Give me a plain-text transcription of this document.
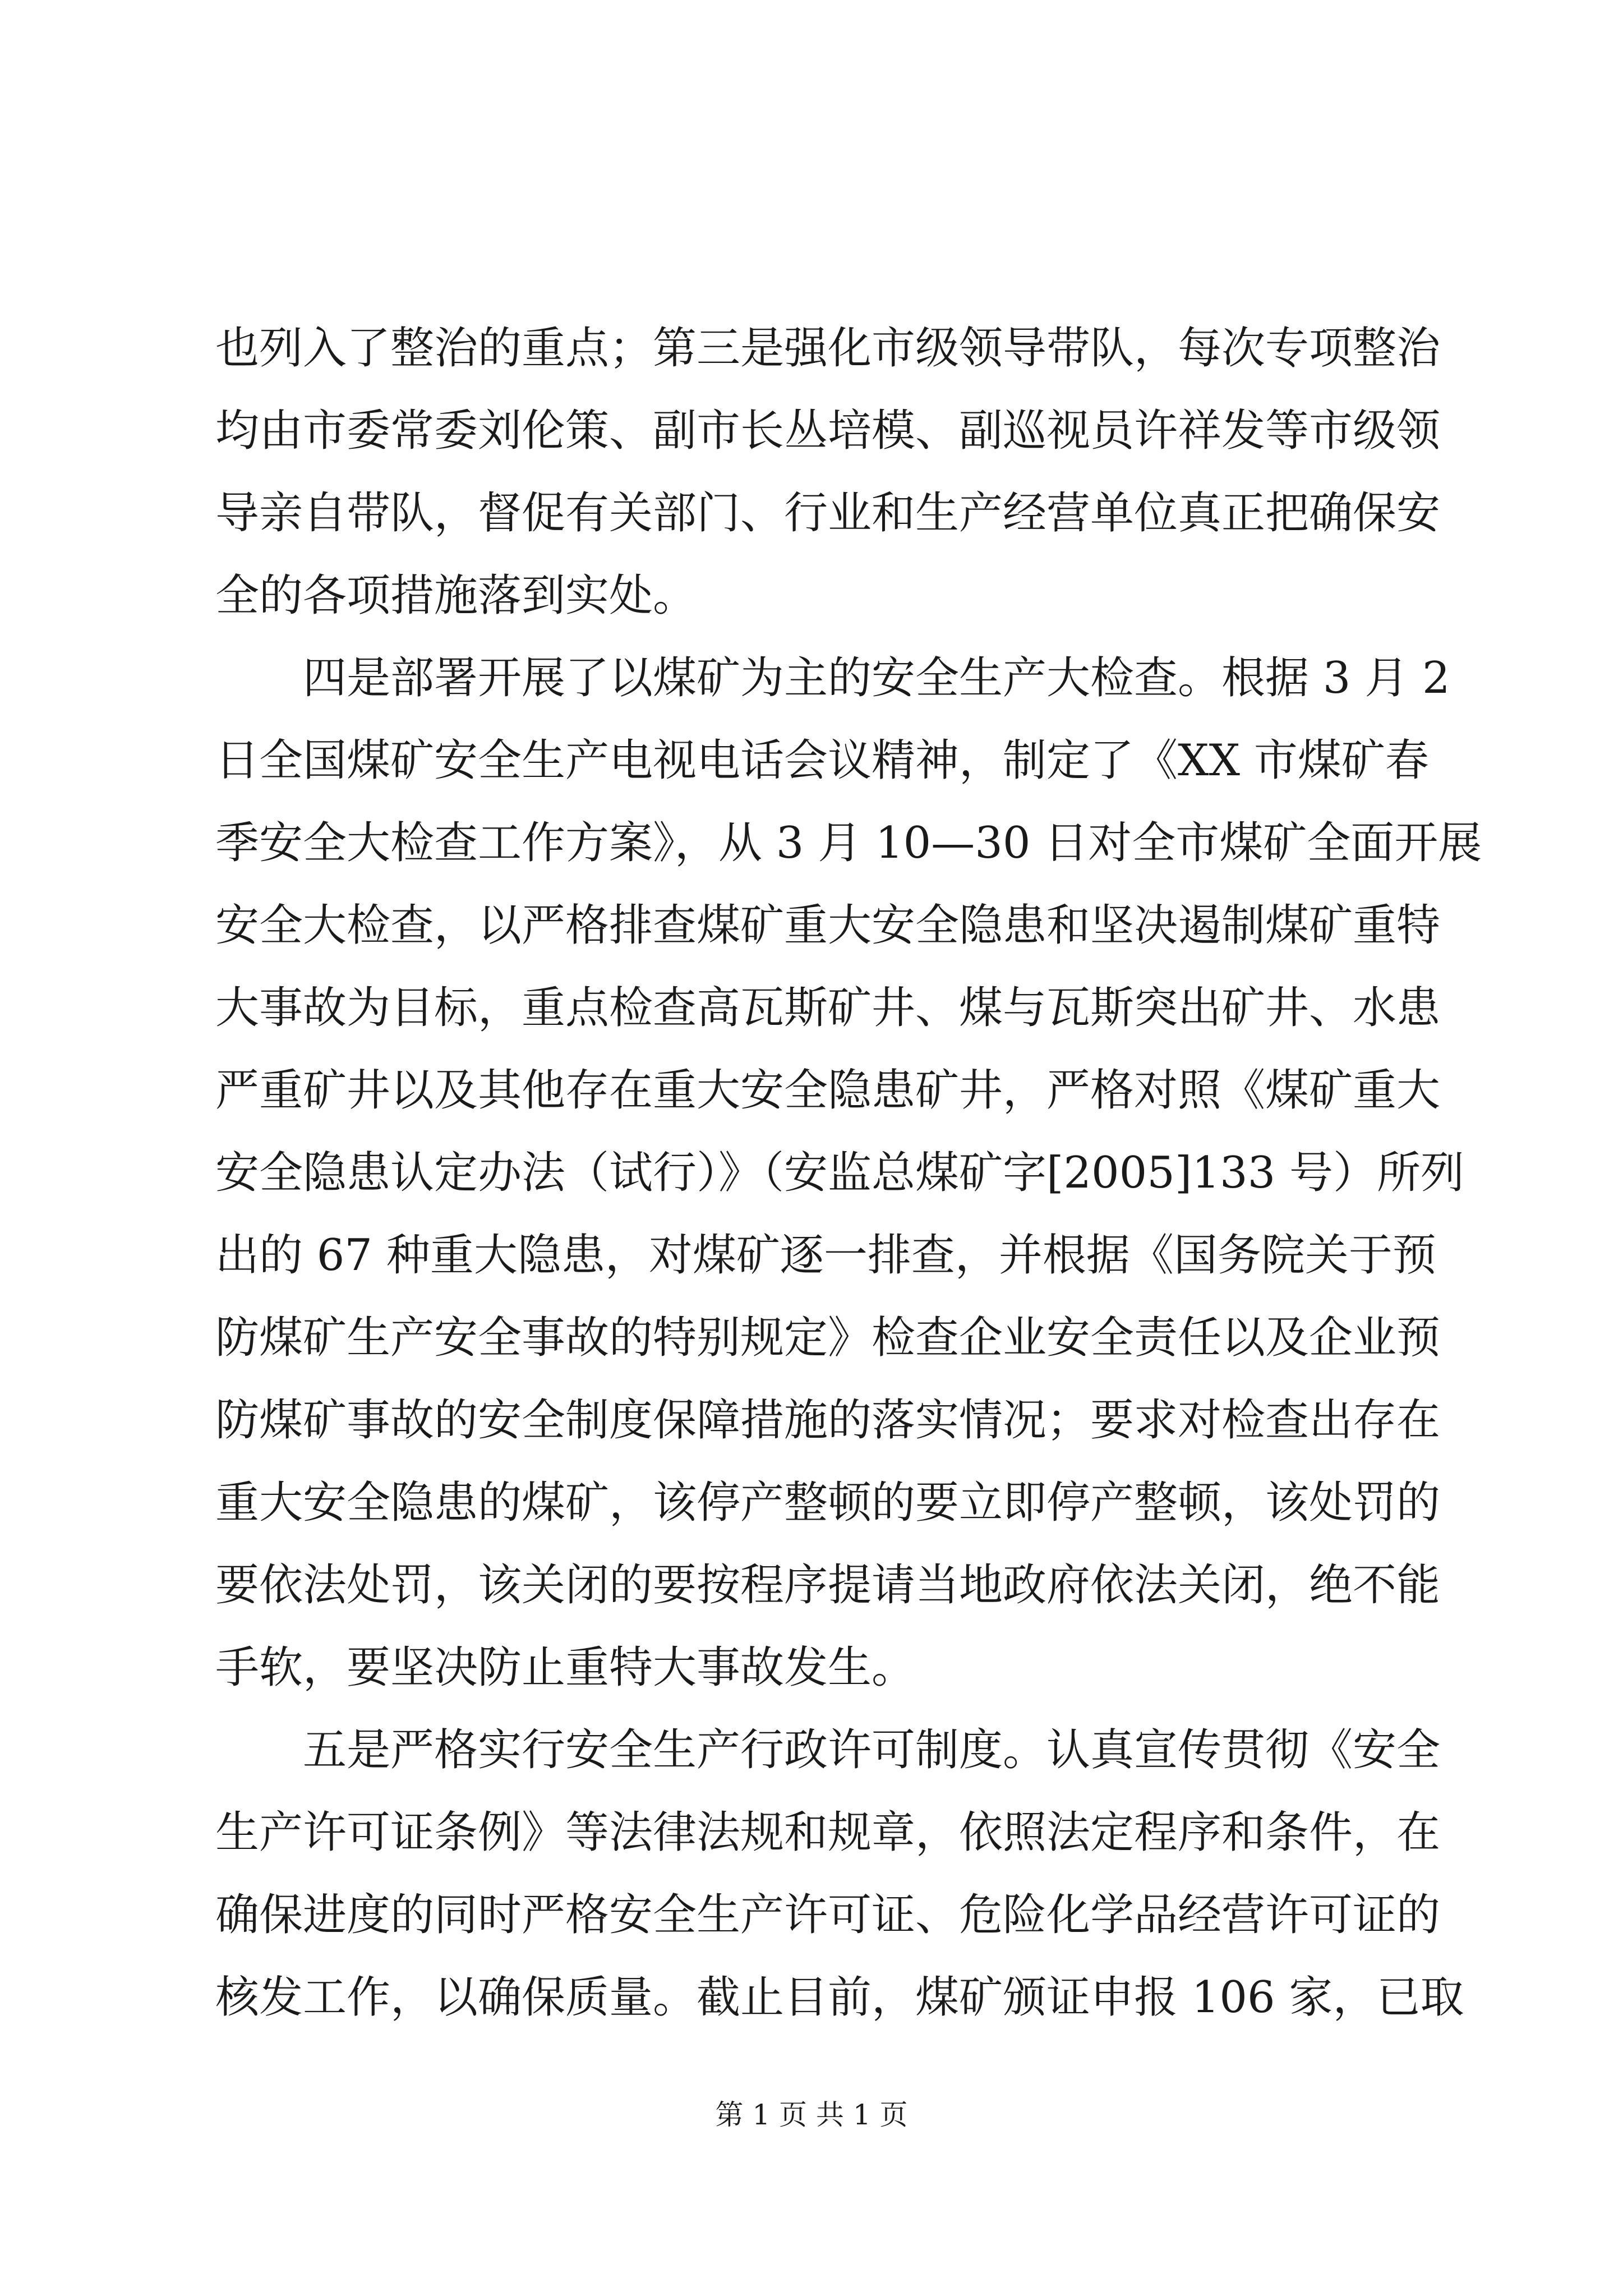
也列入了整治的重点；第三是强化市级领导带队，每次专项整治
均由市委常委刘伦策、副市长丛培模、副巡视员许祥发等市级领
导亲自带队，督促有关部门、行业和生产经营单位真正把确保安
全的各项措施落到实处。
四是部署开展了以煤矿为主的安全生产大检查。根据 3 月 2
日全国煤矿安全生产电视电话会议精神，制定了《XX 市煤矿春
季安全大检查工作方案》，从 3 月 10—30 日对全市煤矿全面开展
安全大检查，以严格排查煤矿重大安全隐患和坚决遏制煤矿重特
大事故为目标，重点检查高瓦斯矿井、煤与瓦斯突出矿井、水患
严重矿井以及其他存在重大安全隐患矿井，严格对照《煤矿重大
安全隐患认定办法（试行）》（安监总煤矿字[2005]133 号）所列
出的 67 种重大隐患，对煤矿逐一排查，并根据《国务院关于预
防煤矿生产安全事故的特别规定》检查企业安全责任以及企业预
防煤矿事故的安全制度保障措施的落实情况；要求对检查出存在
重大安全隐患的煤矿，该停产整顿的要立即停产整顿，该处罚的
要依法处罚，该关闭的要按程序提请当地政府依法关闭，绝不能
手软，要坚决防止重特大事故发生。
五是严格实行安全生产行政许可制度。认真宣传贯彻《安全
生产许可证条例》等法律法规和规章，依照法定程序和条件，在
确保进度的同时严格安全生产许可证、危险化学品经营许可证的
核发工作，以确保质量。截止目前，煤矿颁证申报 106 家，已取
第 1 页 共 1 页
